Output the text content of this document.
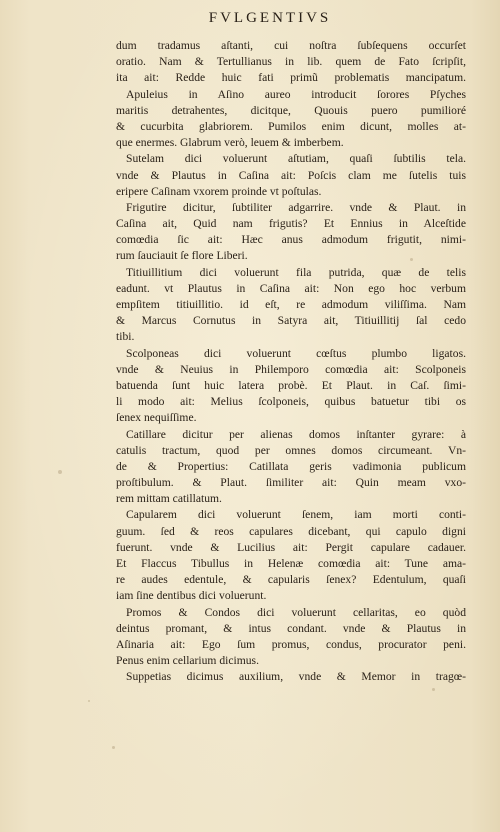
FVLGENTIVS
dum tradamus aſtanti, cui noſtra ſubſequens occurſet
oratio. Nam & Tertullianus in lib. quem de Fato ſcripſit,
ita ait: Redde huic fati primũ problematis mancipatum.
Apuleius in Aſino aureo introducit ſorores Pſyches
maritis detrahentes, dicitque, Quouis puero pumilioré
& cucurbita glabriorem. Pumilos enim dicunt, molles at-
que enermes. Glabrum verò, leuem & imberbem.
Sutelam dici voluerunt aſtutiam, quaſi ſubtilis tela.
vnde & Plautus in Caſina ait: Poſcis clam me ſutelis tuis
eripere Caſinam vxorem proinde vt poſtulas.
Frigutire dicitur, ſubtiliter adgarrire. vnde & Plaut. in
Caſina ait, Quid nam frigutis? Et Ennius in Alceſtide
comœdia ſic ait: Hæc anus admodum frigutit, nimi-
rum ſauciauit ſe flore Liberi.
Titiuillitium dici voluerunt fila putrida, quæ de telis
eadunt. vt Plautus in Caſina ait: Non ego hoc verbum
empſitem titiuillitio. id eſt, re admodum viliſſima. Nam
& Marcus Cornutus in Satyra ait, Titiuillitij ſal cedo
tibi.
Scolponeas dici voluerunt cœſtus plumbo ligatos.
vnde & Neuius in Philemporo comœdia ait: Scolponeis
batuenda ſunt huic latera probè. Et Plaut. in Caſ. ſimi-
li modo ait: Melius ſcolponeis, quibus batuetur tibi os
ſenex nequiſſime.
Catillare dicitur per alienas domos inſtanter gyrare: à
catulis tractum, quod per omnes domos circumeant. Vn-
de & Propertius: Catillata geris vadimonia publicum
proſtibulum. & Plaut. ſimiliter ait: Quin meam vxo-
rem mittam catillatum.
Capularem dici voluerunt ſenem, iam morti conti-
guum. ſed & reos capulares dicebant, qui capulo digni
fuerunt. vnde & Lucilius ait: Pergit capulare cadauer.
Et Flaccus Tibullus in Helenæ comœdia ait: Tune ama-
re audes edentule, & capularis ſenex? Edentulum, quaſi
iam ſine dentibus dici voluerunt.
Promos & Condos dici voluerunt cellaritas, eo quòd
deintus promant, & intus condant. vnde & Plautus in
Aſinaria ait: Ego ſum promus, condus, procurator peni.
Penus enim cellarium dicimus.
Suppetias dicimus auxilium, vnde & Memor in tragœ-
